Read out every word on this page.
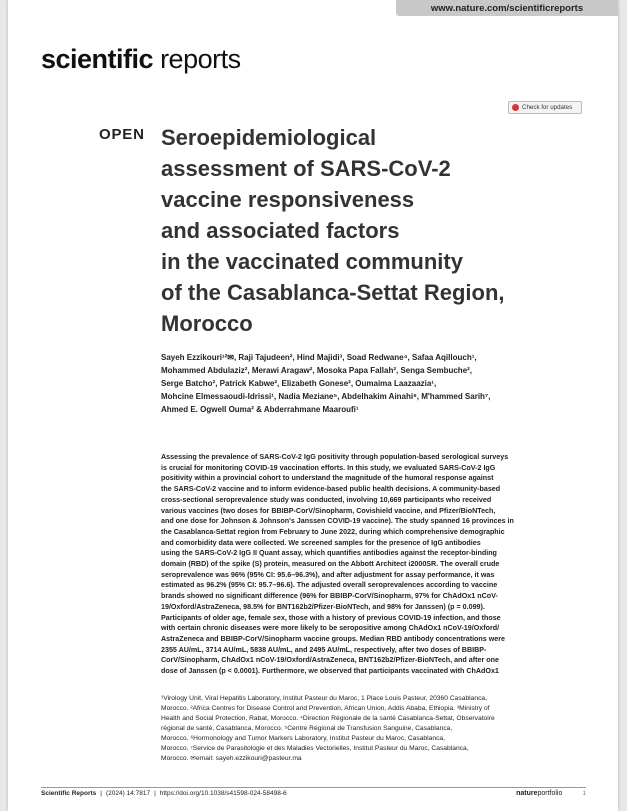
www.nature.com/scientificreports
scientific reports
Check for updates
OPEN Seroepidemiological
assessment of SARS-CoV-2
vaccine responsiveness
and associated factors
in the vaccinated community
of the Casablanca-Settat Region,
Morocco
Sayeh Ezzikouri¹²✉, Raji Tajudeen², Hind Majidi³, Soad Redwane⁴, Safaa Aqillouch¹,
Mohammed Abdulaziz², Merawi Aragaw², Mosoka Papa Fallah², Senga Sembuche²,
Serge Batcho², Patrick Kabwe², Elizabeth Gonese², Oumaima Laazaazia¹,
Mohcine Elmessaoudi-Idrissi¹, Nadia Meziane⁵, Abdelhakim Ainahi⁶, M'hammed Sarih⁷,
Ahmed E. Ogwell Ouma² & Abderrahmane Maaroufi¹
Assessing the prevalence of SARS-CoV-2 IgG positivity through population-based serological surveys
is crucial for monitoring COVID-19 vaccination efforts. In this study, we evaluated SARS-CoV-2 IgG
positivity within a provincial cohort to understand the magnitude of the humoral response against
the SARS-CoV-2 vaccine and to inform evidence-based public health decisions. A community-based
cross-sectional seroprevalence study was conducted, involving 10,669 participants who received
various vaccines (two doses for BBIBP-CorV/Sinopharm, Covishield vaccine, and Pfizer/BioNTech,
and one dose for Johnson & Johnson's Janssen COVID-19 vaccine). The study spanned 16 provinces in
the Casablanca-Settat region from February to June 2022, during which comprehensive demographic
and comorbidity data were collected. We screened samples for the presence of IgG antibodies
using the SARS-CoV-2 IgG II Quant assay, which quantifies antibodies against the receptor-binding
domain (RBD) of the spike (S) protein, measured on the Abbott Architect i2000SR. The overall crude
seroprevalence was 96% (95% CI: 95.6–96.3%), and after adjustment for assay performance, it was
estimated as 96.2% (95% CI: 95.7–96.6). The adjusted overall seroprevalences according to vaccine
brands showed no significant difference (96% for BBIBP-CorV/Sinopharm, 97% for ChAdOx1 nCoV-
19/Oxford/AstraZeneca, 98.5% for BNT162b2/Pfizer-BioNTech, and 98% for Janssen) (p = 0.099).
Participants of older age, female sex, those with a history of previous COVID-19 infection, and those
with certain chronic diseases were more likely to be seropositive among ChAdOx1 nCoV-19/Oxford/
AstraZeneca and BBIBP-CorV/Sinopharm vaccine groups. Median RBD antibody concentrations were
2355 AU/mL, 3714 AU/mL, 5838 AU/mL, and 2495 AU/mL, respectively, after two doses of BBIBP-
CorV/Sinopharm, ChAdOx1 nCoV-19/Oxford/AstraZeneca, BNT162b2/Pfizer-BioNTech, and after one
dose of Janssen (p < 0.0001). Furthermore, we observed that participants vaccinated with ChAdOx1
¹Virology Unit, Viral Hepatitis Laboratory, Institut Pasteur du Maroc, 1 Place Louis Pasteur, 20360 Casablanca,
Morocco. ²Africa Centres for Disease Control and Prevention, African Union, Addis Ababa, Ethiopia. ³Ministry of
Health and Social Protection, Rabat, Morocco. ⁴Direction Régionale de la santé Casablanca-Settat, Observatoire
régional de santé, Casablanca, Morocco. ⁵Centre Régional de Transfusion Sanguine, Casablanca,
Morocco. ⁶Hormonology and Tumor Markers Laboratory, Institut Pasteur du Maroc, Casablanca,
Morocco. ⁷Service de Parasitologie et des Maladies Vectorielles, Institut Pasteur du Maroc, Casablanca,
Morocco. ✉email: sayeh.ezzikouri@pasteur.ma
Scientific Reports | (2024) 14:7817 | https://doi.org/10.1038/s41598-024-58498-6	natureportfolio	1
